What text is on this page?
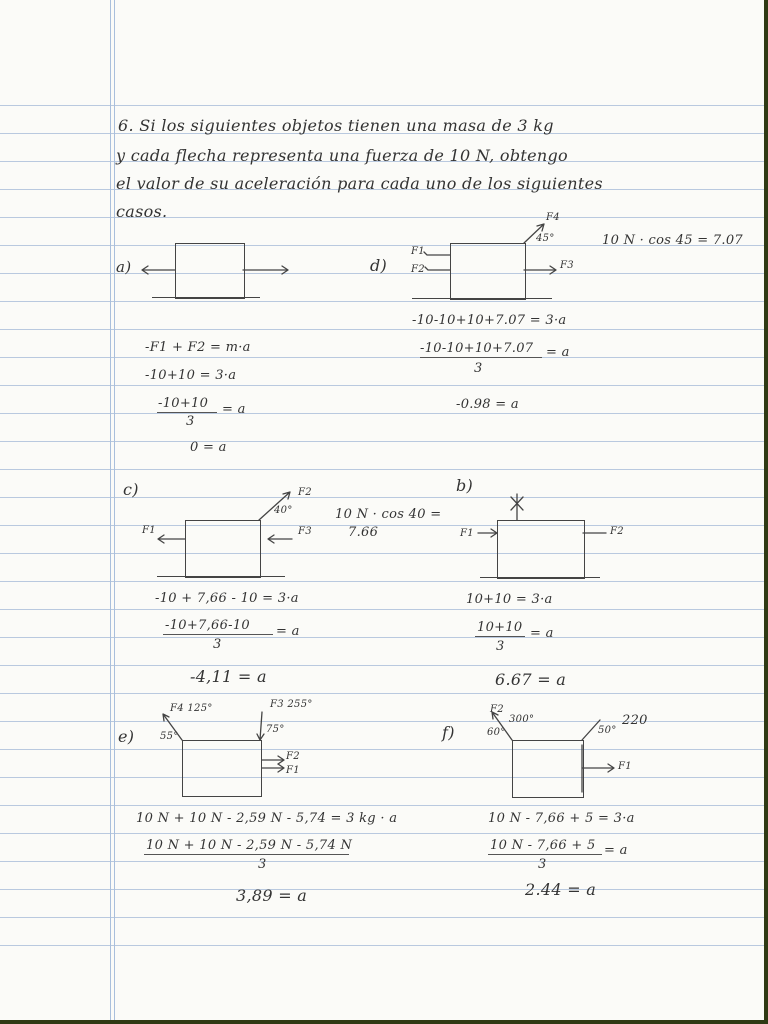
6. Si los siguientes objetos tienen una masa de 3 kg
y cada flecha representa una fuerza de 10 N, obtengo
el valor de su aceleración para cada uno de los siguientes
casos.
a)
-F1 + F2 = m·a
-10+10 = 3·a
-10+10 = a
3
0 = a
d)
F1
F2	F3
F4
45°	10 N · cos 45 = 7.07
-10-10+10+7.07 = 3·a
-10-10+10+7.07 = a
3
-0.98 = a
c)
F1
F2
F3
40°	10 N · cos 40 =
7.66
-10 + 7,66 - 10 = 3·a
-10+7,66-10 = a
3
-4,11 = a
b)
F1	F2
10+10 = 3·a
10+10 = a
3
6.67 = a
e)
F4 125°	F3 255°
55°
75°
F2
F1
10 N + 10 N - 2,59 N - 5,74 = 3 kg · a
10 N + 10 N - 2,59 N - 5,74 N
3
3,89 = a
f)
F2
300°
60°
220
50°
F1
10 N - 7,66 + 5 = 3·a
10 N - 7,66 + 5 = a
3
2.44 = a
